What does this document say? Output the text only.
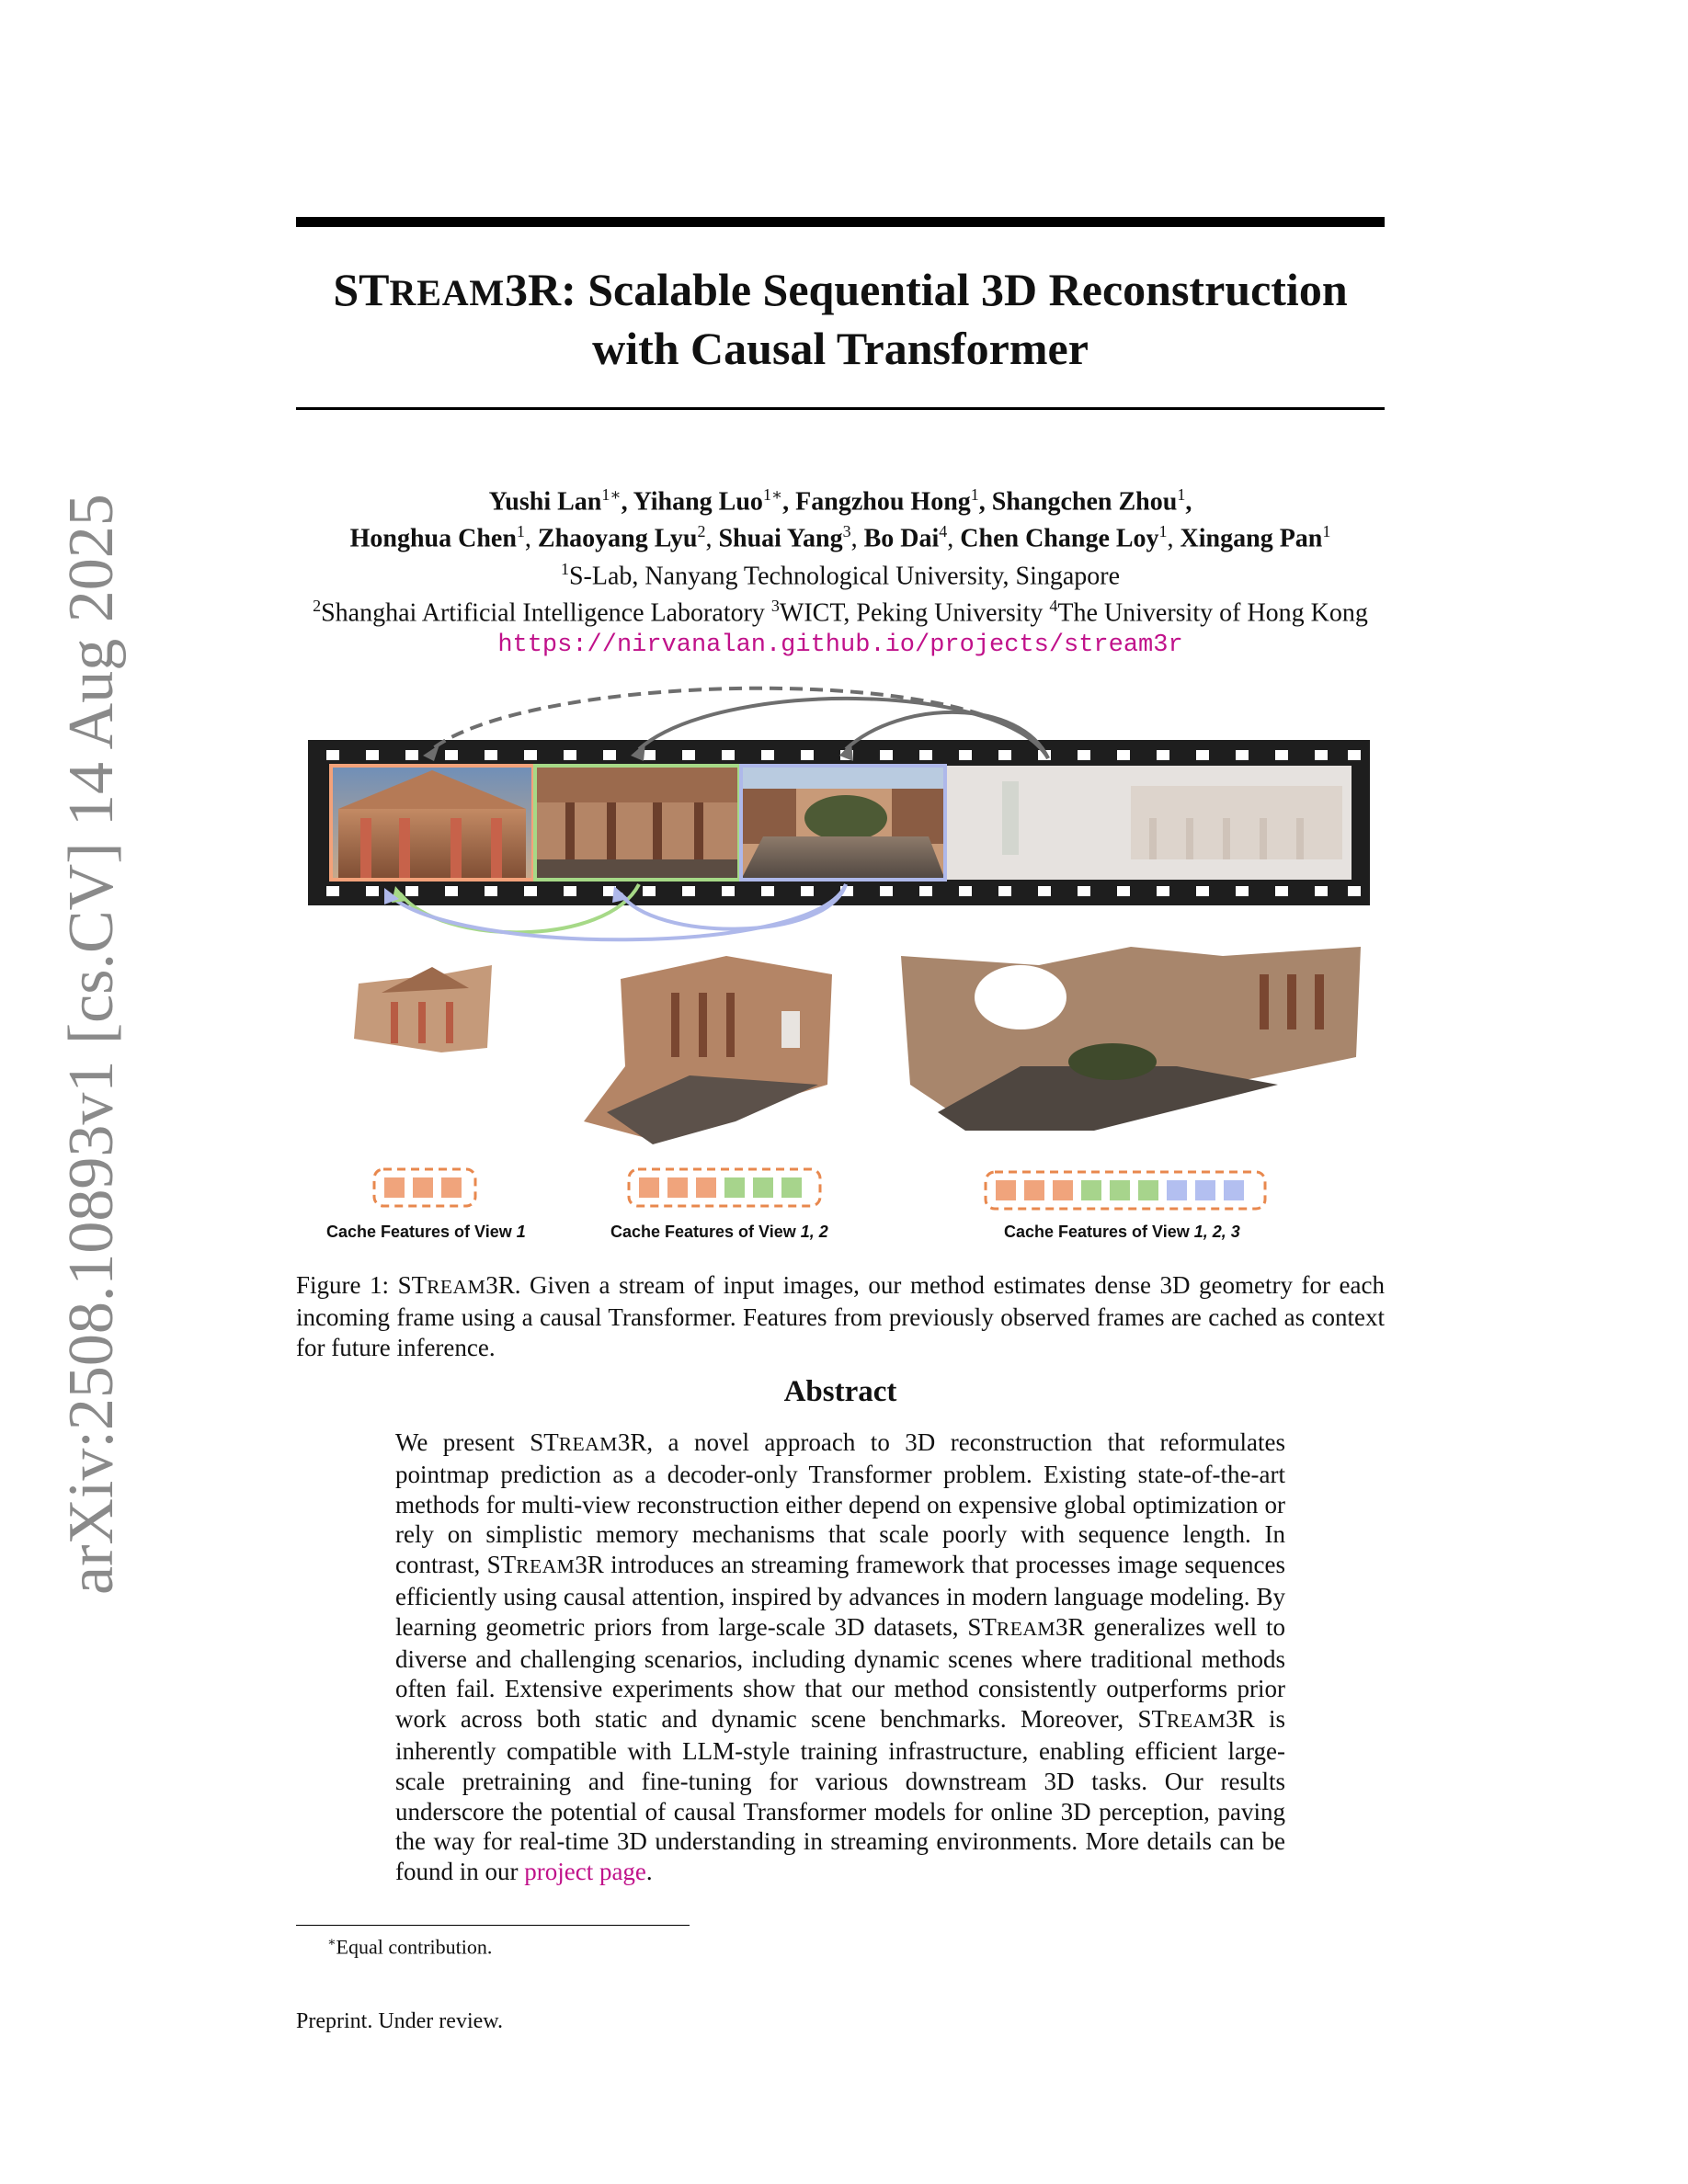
arXiv:2508.10893v1 [cs.CV] 14 Aug 2025
STREAM3R: Scalable Sequential 3D Reconstruction
with Causal Transformer
Yushi Lan$^{1∗}$, Yihang Luo$^{1∗}$, Fangzhou Hong$^1$, Shangchen Zhou$^1$,
Honghua Chen$^1$, Zhaoyang Lyu$^2$, Shuai Yang$^3$, Bo Dai$^4$, Chen Change Loy$^1$, Xingang Pan$^1$
$^1$S-Lab, Nanyang Technological University, Singapore
$^2$Shanghai Artificial Intelligence Laboratory $^3$WICT, Peking University $^4$The University of Hong Kong
https://nirvanalan.github.io/projects/stream3r
Cache Features of View 1	Cache Features of View 1, 2	Cache Features of View 1, 2, 3
Figure 1: STREAM3R. Given a stream of input images, our method estimates dense 3D geometry for each incoming frame using a causal Transformer. Features from previously observed frames are cached as context for future inference.
Abstract
We present STREAM3R, a novel approach to 3D reconstruction that reformulates pointmap prediction as a decoder-only Transformer problem. Existing state-of-the-art methods for multi-view reconstruction either depend on expensive global optimization or rely on simplistic memory mechanisms that scale poorly with sequence length. In contrast, STREAM3R introduces an streaming framework that processes image sequences efficiently using causal attention, inspired by advances in modern language modeling. By learning geometric priors from large-scale 3D datasets, STREAM3R generalizes well to diverse and challenging scenarios, including dynamic scenes where traditional methods often fail. Extensive experiments show that our method consistently outperforms prior work across both static and dynamic scene benchmarks. Moreover, STREAM3R is inherently compatible with LLM-style training infrastructure, enabling efficient large-scale pretraining and fine-tuning for various downstream 3D tasks. Our results underscore the potential of causal Transformer models for online 3D perception, paving the way for real-time 3D understanding in streaming environments. More details can be found in our project page.
∗Equal contribution.
Preprint. Under review.
